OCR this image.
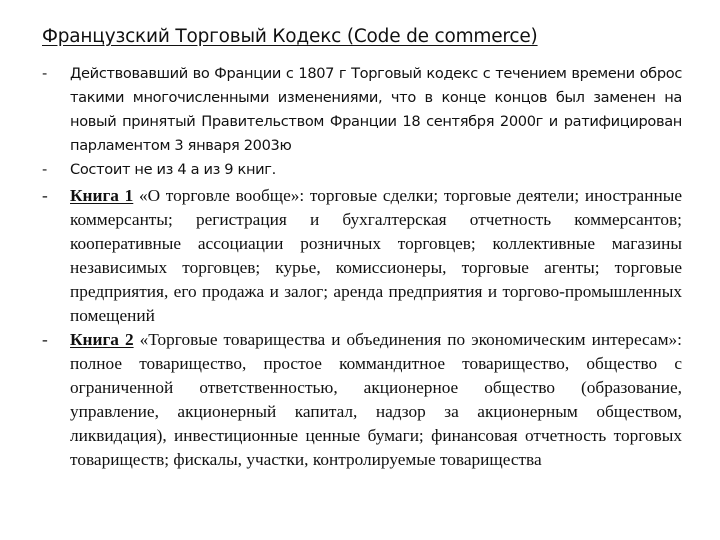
Французский Торговый Кодекс (Code de commerce)
- Действовавший во Франции с 1807 г Торговый кодекс с течением времени оброс такими многочисленными изменениями, что в конце концов был заменен на новый принятый Правительством Франции 18 сентября 2000г и ратифицирован парламентом 3 января 2003ю
- Состоит не из 4 а из 9 книг.
- Книга 1 «О торговле вообще»: торговые сделки; торговые деятели; иностранные коммерсанты; регистрация и бухгалтерская отчетность коммерсантов; кооперативные ассоциации розничных торговцев; коллективные магазины независимых торговцев; курье, комиссионеры, торговые агенты; торговые предприятия, его продажа и залог; аренда предприятия и торгово-промышленных помещений
- Книга 2 «Торговые товарищества и объединения по экономическим интересам»: полное товарищество, простое коммандитное товарищество, общество с ограниченной ответственностью, акционерное общество (образование, управление, акционерный капитал, надзор за акционерным обществом, ликвидация), инвестиционные ценные бумаги; финансовая отчетность торговых товариществ; фискалы, участки, контролируемые товарищества
